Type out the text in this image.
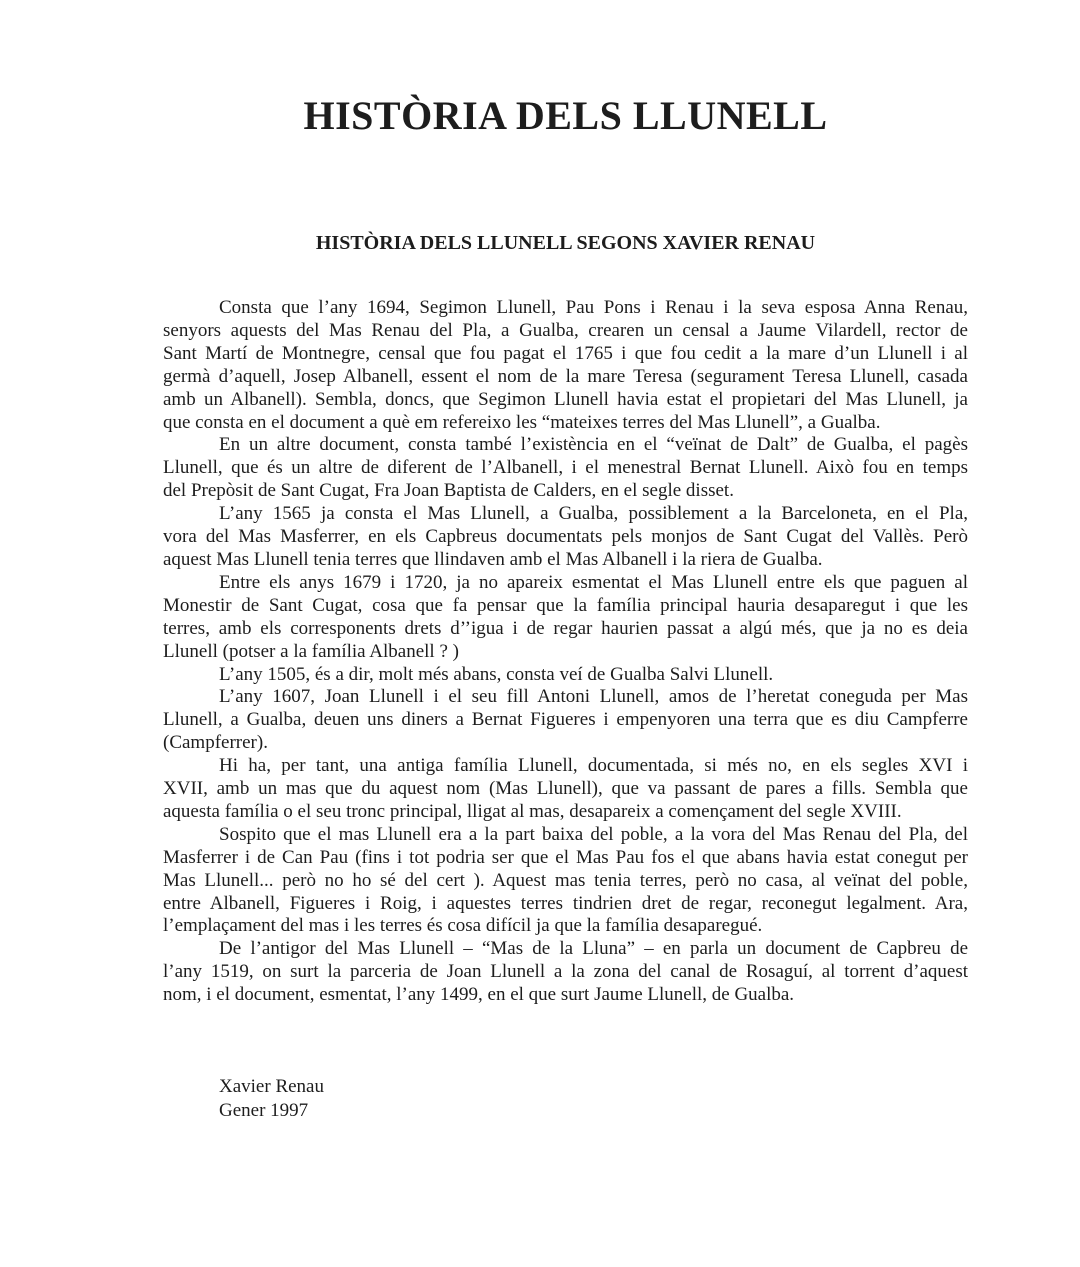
HISTÒRIA DELS LLUNELL
HISTÒRIA DELS LLUNELL SEGONS XAVIER RENAU
Consta que l’any 1694, Segimon Llunell, Pau Pons i Renau i la seva esposa Anna Renau,
senyors aquests del Mas Renau del Pla, a Gualba, crearen un censal a Jaume Vilardell, rector de
Sant Martí de Montnegre, censal que fou pagat el 1765 i que fou cedit a la mare d’un Llunell i al
germà d’aquell, Josep Albanell, essent el nom de la mare Teresa (segurament Teresa Llunell, casada
amb un Albanell). Sembla, doncs, que Segimon Llunell havia estat el propietari del Mas Llunell, ja
que consta en el document a què em refereixo les “mateixes terres del Mas Llunell”, a Gualba.
En un altre document, consta també l’existència en el “veïnat de Dalt” de Gualba, el pagès
Llunell, que és un altre de diferent de l’Albanell, i el menestral Bernat Llunell. Això fou en temps
del Prepòsit de Sant Cugat, Fra Joan Baptista de Calders, en el segle disset.
L’any 1565 ja consta el Mas Llunell, a Gualba, possiblement a la Barceloneta, en el Pla,
vora del Mas Masferrer, en els Capbreus documentats pels monjos de Sant Cugat del Vallès. Però
aquest Mas Llunell tenia terres que llindaven amb el Mas Albanell i la riera de Gualba.
Entre els anys 1679 i 1720, ja no apareix esmentat el Mas Llunell entre els que paguen al
Monestir de Sant Cugat, cosa que fa pensar que la família principal hauria desaparegut i que les
terres, amb els corresponents drets d’’igua i de regar haurien passat a algú més, que ja no es deia
Llunell (potser a la família Albanell ? )
L’any 1505, és a dir, molt més abans, consta veí de Gualba Salvi Llunell.
L’any 1607, Joan Llunell i el seu fill Antoni Llunell, amos de l’heretat coneguda per Mas
Llunell, a Gualba, deuen uns diners a Bernat Figueres i empenyoren una terra que es diu Campferre
(Campferrer).
Hi ha, per tant, una antiga família Llunell, documentada, si més no, en els segles XVI i
XVII, amb un mas que du aquest nom (Mas Llunell), que va passant de pares a fills. Sembla que
aquesta família o el seu tronc principal, lligat al mas, desapareix a començament del segle XVIII.
Sospito que el mas Llunell era a la part baixa del poble, a la vora del Mas Renau del Pla, del
Masferrer i de Can Pau (fins i tot podria ser que el Mas Pau fos el que abans havia estat conegut per
Mas Llunell... però no ho sé del cert ). Aquest mas tenia terres, però no casa, al veïnat del poble,
entre Albanell, Figueres i Roig, i aquestes terres tindrien dret de regar, reconegut legalment. Ara,
l’emplaçament del mas i les terres és cosa difícil ja que la família desaparegué.
De l’antigor del Mas Llunell – “Mas de la Lluna” – en parla un document de Capbreu de
l’any 1519, on surt la parceria de Joan Llunell a la zona del canal de Rosaguí, al torrent d’aquest
nom, i el document, esmentat, l’any 1499, en el que surt Jaume Llunell, de Gualba.
Xavier Renau
Gener 1997
